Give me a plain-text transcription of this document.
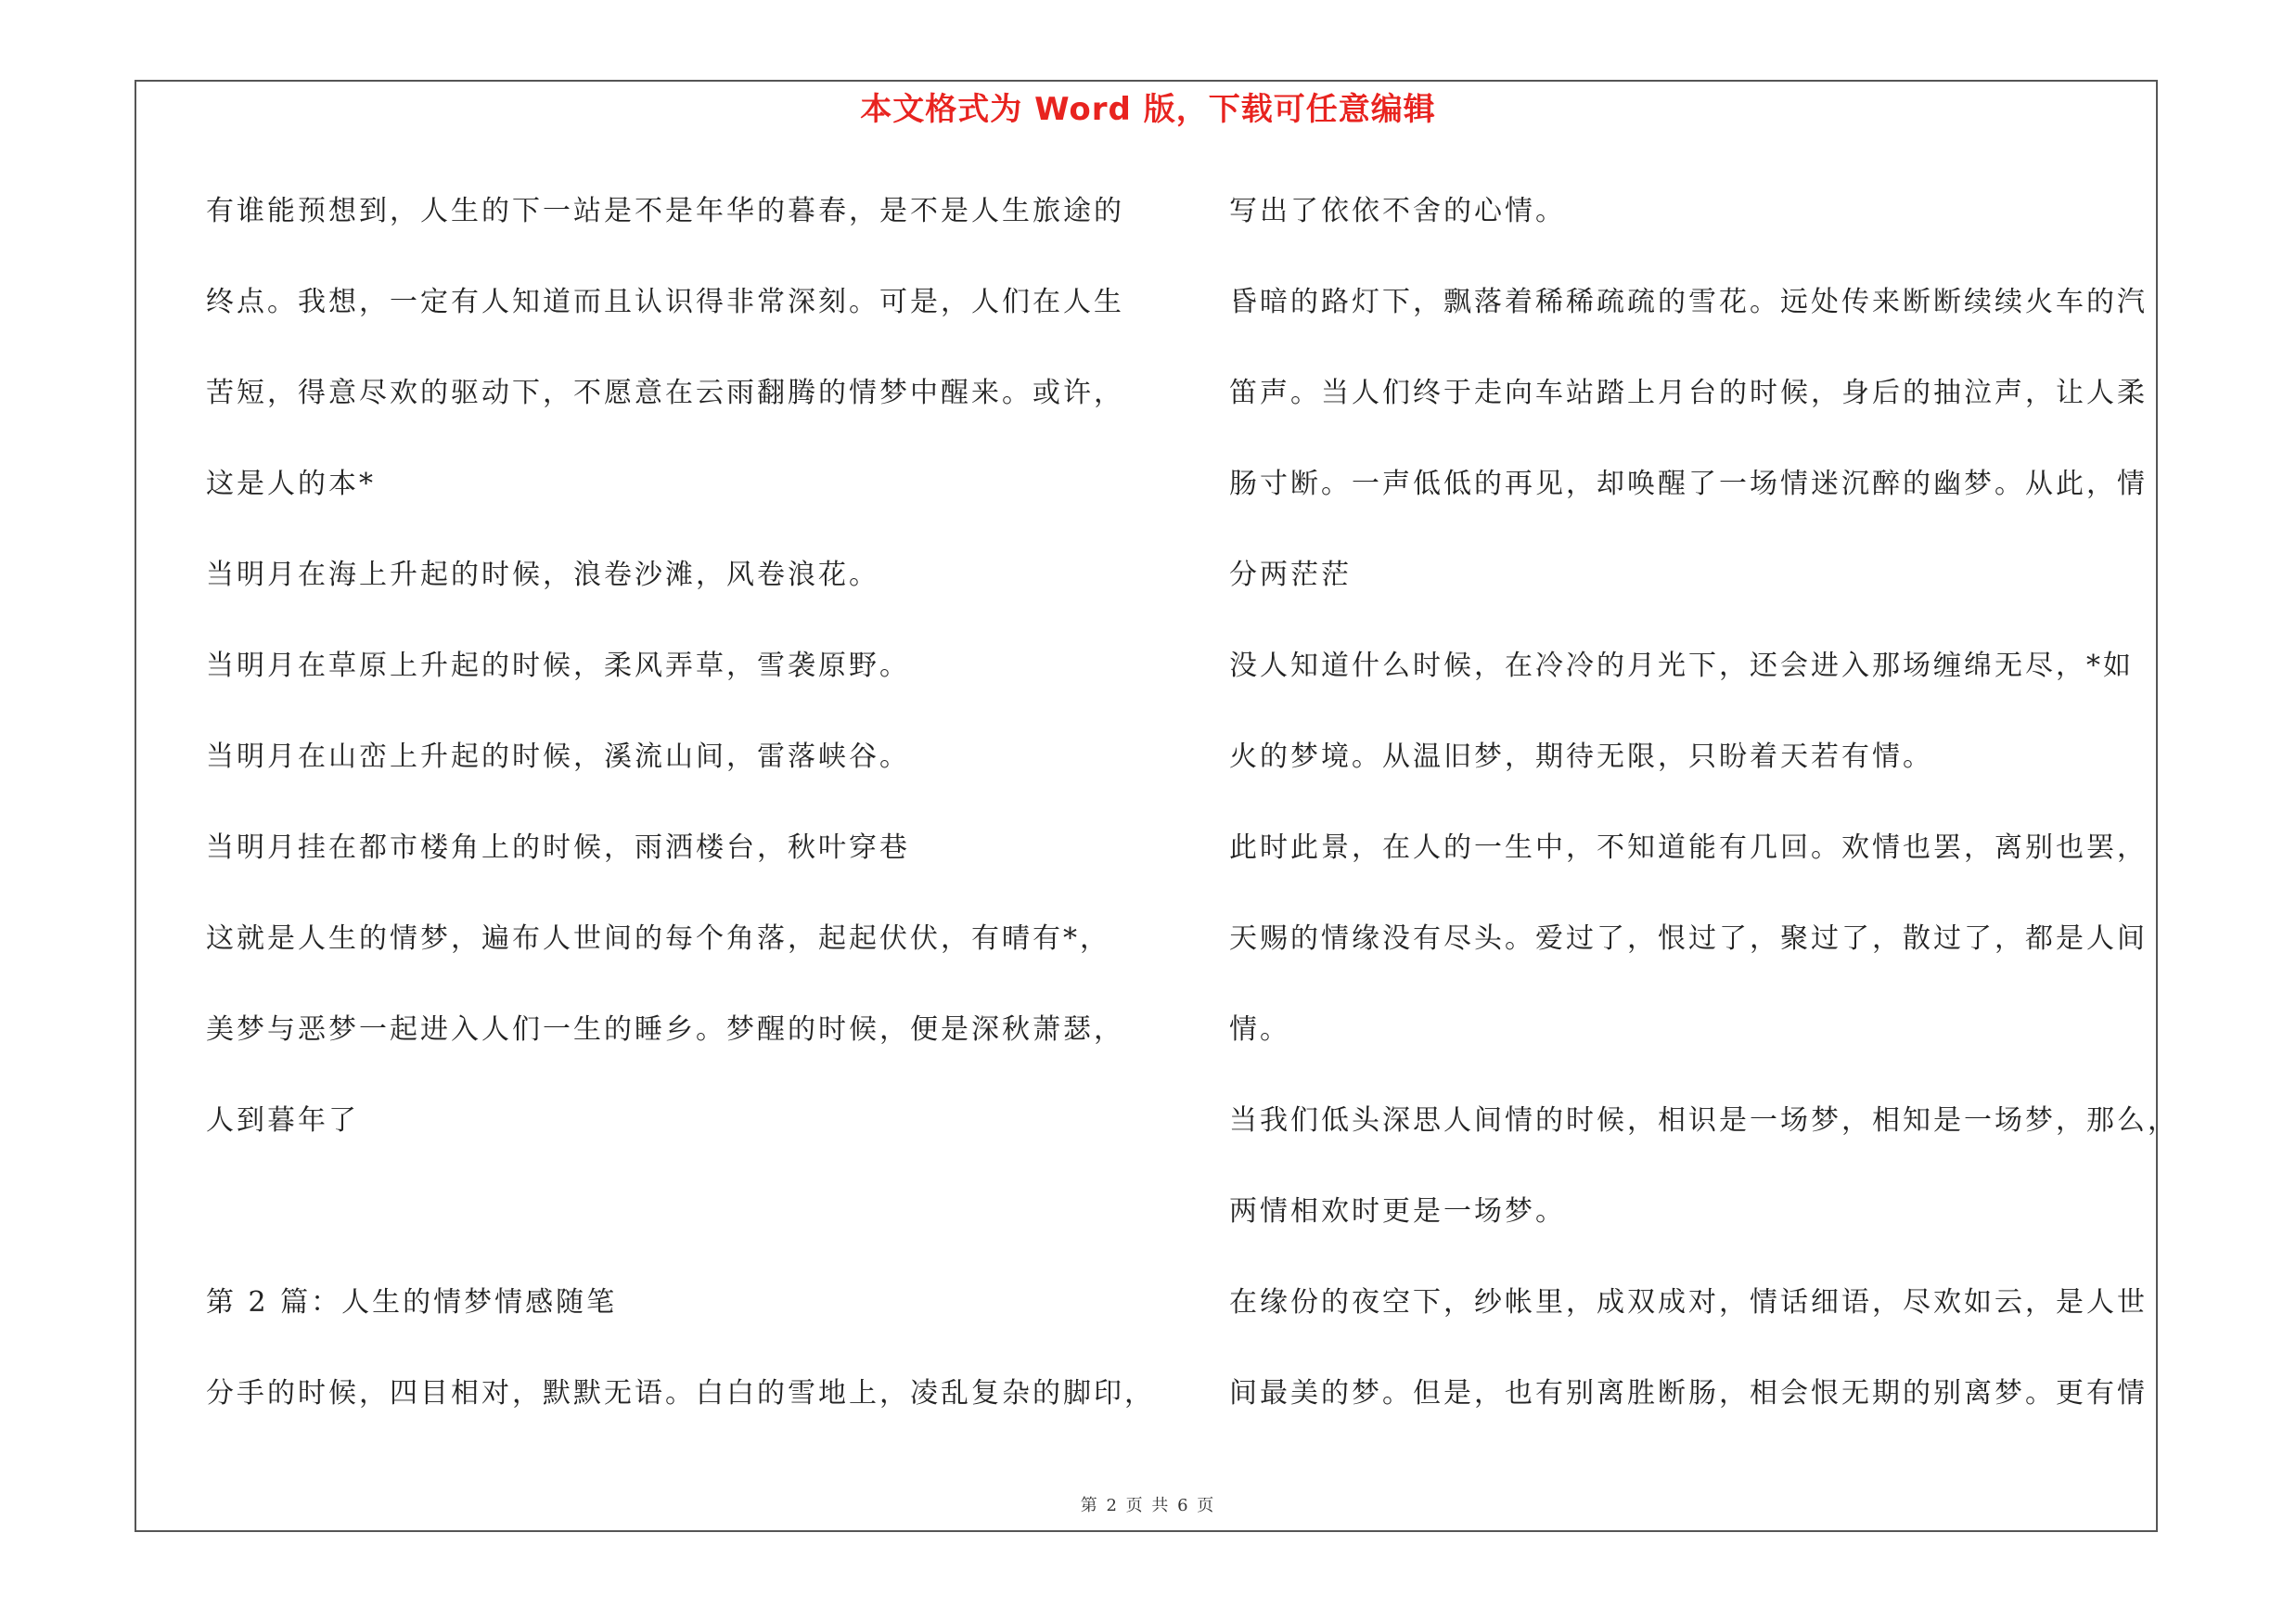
本文格式为 Word 版，下载可任意编辑
有谁能预想到，人生的下一站是不是年华的暮春，是不是人生旅途的
终点。我想，一定有人知道而且认识得非常深刻。可是，人们在人生
苦短，得意尽欢的驱动下，不愿意在云雨翻腾的情梦中醒来。或许，
这是人的本*
当明月在海上升起的时候，浪卷沙滩，风卷浪花。
当明月在草原上升起的时候，柔风弄草，雪袭原野。
当明月在山峦上升起的时候，溪流山间，雷落峡谷。
当明月挂在都市楼角上的时候，雨洒楼台，秋叶穿巷
这就是人生的情梦，遍布人世间的每个角落，起起伏伏，有晴有*，
美梦与恶梦一起进入人们一生的睡乡。梦醒的时候，便是深秋萧瑟，
人到暮年了
第 2 篇：人生的情梦情感随笔
分手的时候，四目相对，默默无语。白白的雪地上，凌乱复杂的脚印，
写出了依依不舍的心情。
昏暗的路灯下，飘落着稀稀疏疏的雪花。远处传来断断续续火车的汽
笛声。当人们终于走向车站踏上月台的时候，身后的抽泣声，让人柔
肠寸断。一声低低的再见，却唤醒了一场情迷沉醉的幽梦。从此，情
分两茫茫
没人知道什么时候，在冷冷的月光下，还会进入那场缠绵无尽，*如
火的梦境。从温旧梦，期待无限，只盼着天若有情。
此时此景，在人的一生中，不知道能有几回。欢情也罢，离别也罢，
天赐的情缘没有尽头。爱过了，恨过了，聚过了，散过了，都是人间
情。
当我们低头深思人间情的时候，相识是一场梦，相知是一场梦，那么，
两情相欢时更是一场梦。
在缘份的夜空下，纱帐里，成双成对，情话细语，尽欢如云，是人世
间最美的梦。但是，也有别离胜断肠，相会恨无期的别离梦。更有情
第 2 页 共 6 页
